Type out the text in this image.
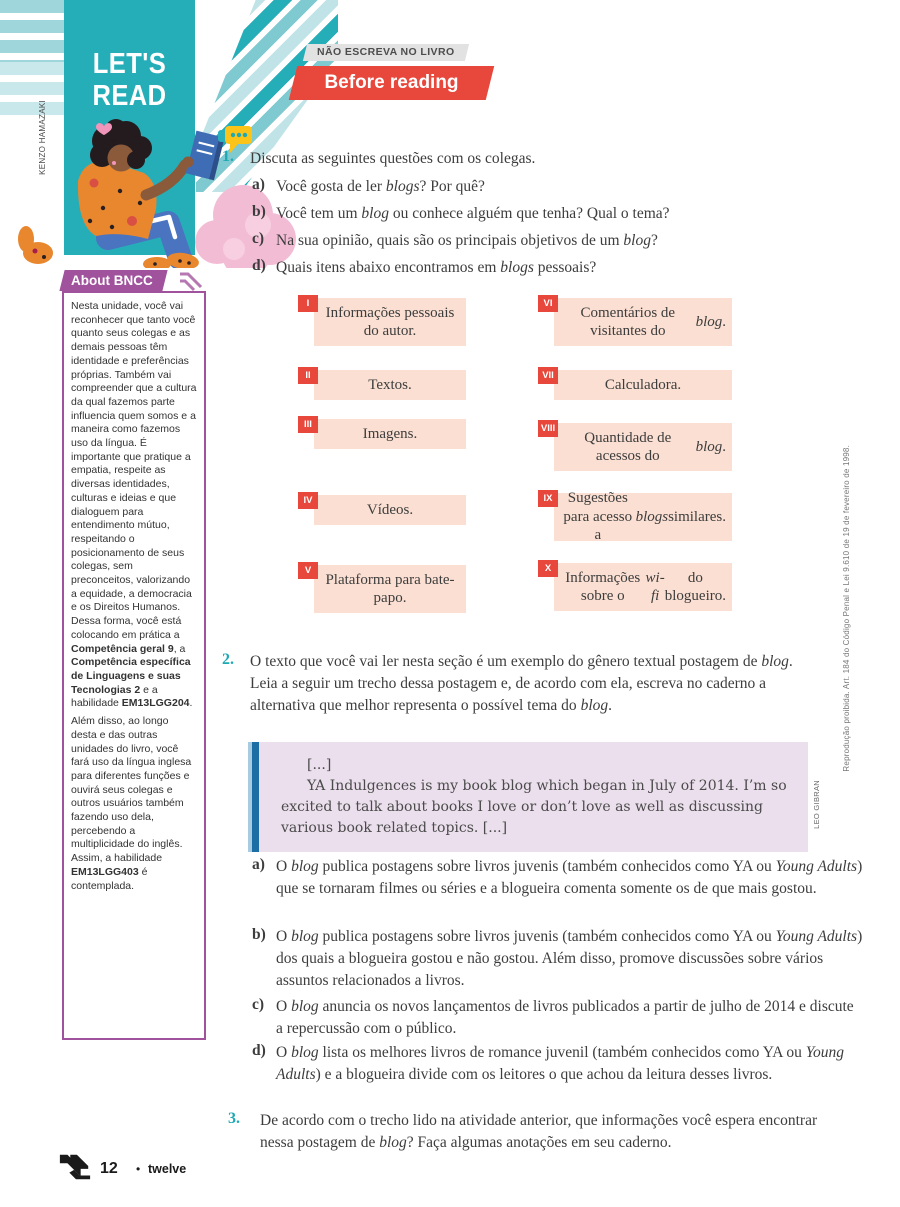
LET'S
READ
KENZO HAMAZAKI
Reprodução proibida. Art. 184 do Código Penal e Lei 9.610 de 19 de fevereiro de 1998.
LEO GIBRAN
NÃO ESCREVA NO LIVRO
Before reading
1. Discuta as seguintes questões com os colegas.
a) Você gosta de ler blogs? Por quê?
b) Você tem um blog ou conhece alguém que tenha? Qual o tema?
c) Na sua opinião, quais são os principais objetivos de um blog?
d) Quais itens abaixo encontramos em blogs pessoais?
I
Informações pessoais do autor.
II
Textos.
III
Imagens.
IV
Vídeos.
V
Plataforma para bate-papo.
VI
Comentários de visitantes do
blog .
VII
Calculadora.
VIII
Quantidade de acessos do
blog .
IX	Sugestões para acesso a
blogs similares.
X
Informações sobre o
wi-fi
do blogueiro.
2. O texto que você vai ler nesta seção é um exemplo do gênero textual postagem de blog. Leia a seguir um trecho dessa postagem e, de acordo com ela, escreva no caderno a alternativa que melhor representa o possível tema do blog.

[...]

YA Indulgences is my book blog which began in July of 2014. I’m so excited to talk about books I love or don’t love as well as discussing various book related topics. [...]

a) O blog publica postagens sobre livros juvenis (também conhecidos como YA ou Young Adults) que se tornaram filmes ou séries e a blogueira comenta somente os de que mais gostou.
b) O blog publica postagens sobre livros juvenis (também conhecidos como YA ou Young Adults) dos quais a blogueira gostou e não gostou. Além disso, promove discussões sobre vários assuntos relacionados a livros.
c) O blog anuncia os novos lançamentos de livros publicados a partir de julho de 2014 e discute a repercussão com o público.
d) O blog lista os melhores livros de romance juvenil (também conhecidos como YA ou Young Adults) e a blogueira divide com os leitores o que achou da leitura desses livros.
3. De acordo com o trecho lido na atividade anterior, que informações você espera encontrar nessa postagem de blog? Faça algumas anotações em seu caderno.
About BNCC

Nesta unidade, você vai reconhecer que tanto você quanto seus colegas e as demais pessoas têm identidade e preferências próprias. Também vai compreender que a cultura da qual fazemos parte influencia quem somos e a maneira como fazemos uso da língua. É importante que pratique a empatia, respeite as diversas identidades, culturas e ideias e que dialoguem para entendimento mútuo, respeitando o posicionamento de seus colegas, sem preconceitos, valorizando a equidade, a democracia e os Direitos Humanos. Dessa forma, você está colocando em prática a Competência geral 9, a Competência específica de Linguagens e suas Tecnologias 2 e a habilidade EM13LGG204.

Além disso, ao longo desta e das outras unidades do livro, você fará uso da língua inglesa para diferentes funções e ouvirá seus colegas e outros usuários também fazendo uso dela, percebendo a multiplicidade do inglês. Assim, a habilidade EM13LGG403 é contemplada.

12 • twelve
